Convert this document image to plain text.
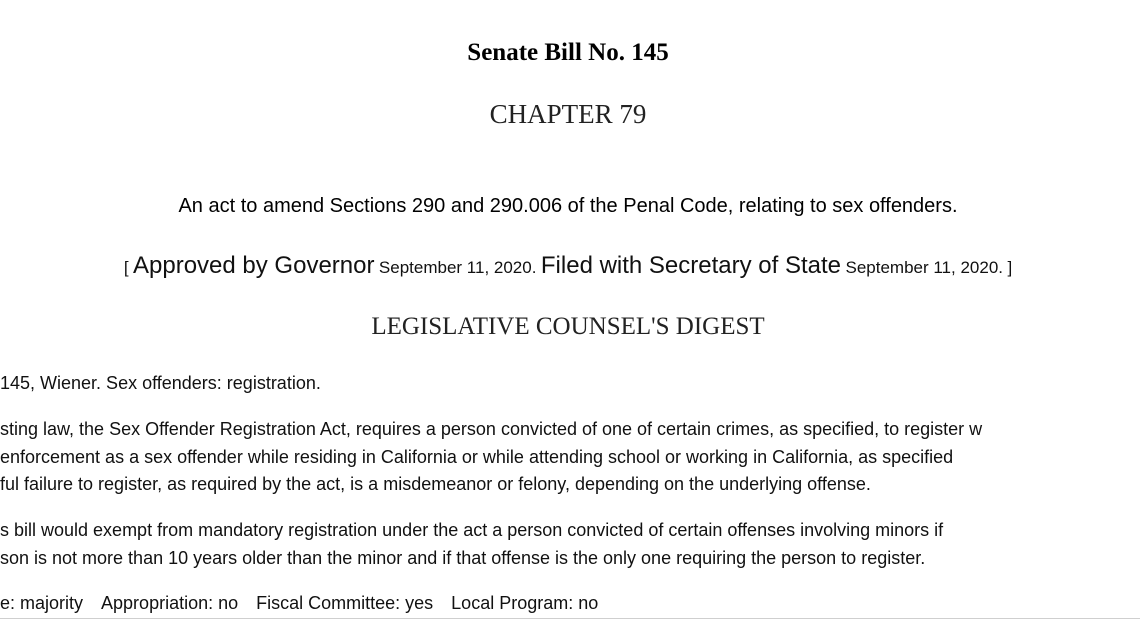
Senate Bill No. 145
CHAPTER 79
An act to amend Sections 290 and 290.006 of the Penal Code, relating to sex offenders.
[ Approved by Governor September 11, 2020. Filed with Secretary of State September 11, 2020. ]
LEGISLATIVE COUNSEL'S DIGEST
145, Wiener. Sex offenders: registration.
sting law, the Sex Offender Registration Act, requires a person convicted of one of certain crimes, as specified, to register w
enforcement as a sex offender while residing in California or while attending school or working in California, as specified
ful failure to register, as required by the act, is a misdemeanor or felony, depending on the underlying offense.
s bill would exempt from mandatory registration under the act a person convicted of certain offenses involving minors if
son is not more than 10 years older than the minor and if that offense is the only one requiring the person to register.
e: majority Appropriation: no Fiscal Committee: yes Local Program: no
